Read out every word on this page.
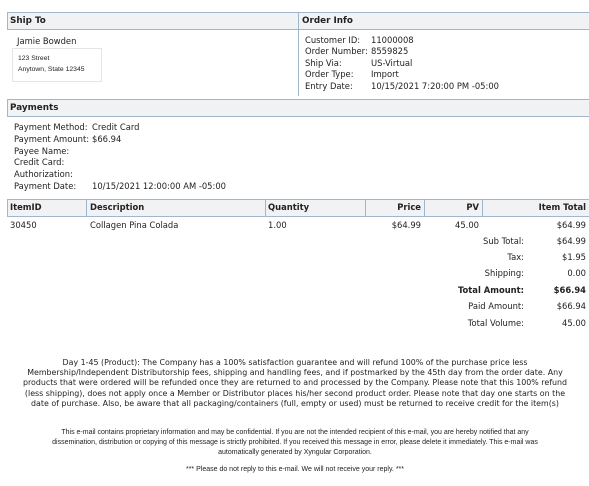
Ship To	Order Info
Jamie Bowden
123 Street
Anytown, State 12345
Customer ID: 11000008
Order Number: 8559825
Ship Via:	US-Virtual
Order Type: Import
Entry Date: 10/15/2021 7:20:00 PM -05:00
Payments
Payment Method: Credit Card
Payment Amount: $66.94
Payee Name:
Credit Card:
Authorization:
Payment Date: 10/15/2021 12:00:00 AM -05:00
ItemID	Description	Quantity	Price	PV	Item Total
30450	Collagen Pina Colada	1.00	$64.99	45.00	$64.99
Sub Total:	$64.99
Tax:	$1.95
Shipping:	0.00
Total Amount:	$66.94
Paid Amount:	$66.94
Total Volume:	45.00
Day 1-45 (Product): The Company has a 100% satisfaction guarantee and will refund 100% of the purchase price less
Membership/Independent Distributorship fees, shipping and handling fees, and if postmarked by the 45th day from the order date. Any
products that were ordered will be refunded once they are returned to and processed by the Company. Please note that this 100% refund
(less shipping), does not apply once a Member or Distributor places his/her second product order. Please note that day one starts on the
date of purchase. Also, be aware that all packaging/containers (full, empty or used) must be returned to receive credit for the item(s)
This e-mail contains proprietary information and may be confidential. If you are not the intended recipient of this e-mail, you are hereby notified that any
dissemination, distribution or copying of this message is strictly prohibited. If you received this message in error, please delete it immediately. This e-mail was
automatically generated by Xyngular Corporation.
*** Please do not reply to this e-mail. We will not receive your reply. ***
